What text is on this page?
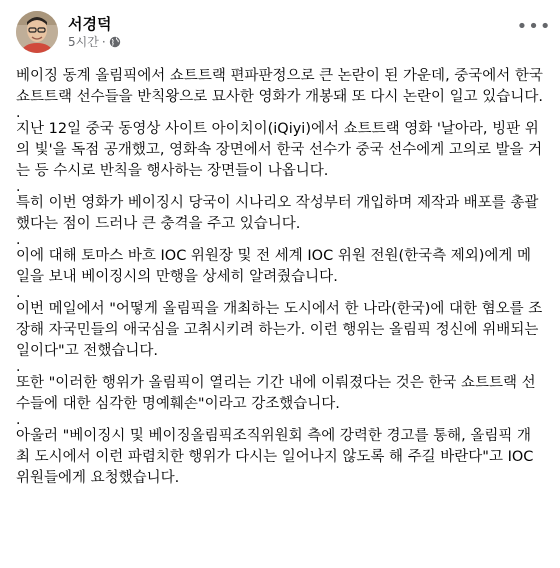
서경덕
5시간 ·
•••

베이징 동계 올림픽에서 쇼트트랙 편파판정으로 큰 논란이 된 가운데, 중국에서 한국 쇼트트랙 선수들을 반칙왕으로 묘사한 영화가 개봉돼 또 다시 논란이 일고 있습니다.

.

지난 12일 중국 동영상 사이트 아이치이(iQiyi)에서 쇼트트랙 영화 '날아라, 빙판 위의 빛'을 독점 공개했고, 영화속 장면에서 한국 선수가 중국 선수에게 고의로 발을 거는 등 수시로 반칙을 행사하는 장면들이 나옵니다.

.

특히 이번 영화가 베이징시 당국이 시나리오 작성부터 개입하며 제작과 배포를 총괄했다는 점이 드러나 큰 충격을 주고 있습니다.

.

이에 대해 토마스 바흐 IOC 위원장 및 전 세계 IOC 위원 전원(한국측 제외)에게 메일을 보내 베이징시의 만행을 상세히 알려줬습니다.

.

이번 메일에서 "어떻게 올림픽을 개최하는 도시에서 한 나라(한국)에 대한 혐오를 조장해 자국민들의 애국심을 고취시키려 하는가. 이런 행위는 올림픽 정신에 위배되는 일이다"고 전했습니다.

.

또한 "이러한 행위가 올림픽이 열리는 기간 내에 이뤄졌다는 것은 한국 쇼트트랙 선수들에 대한 심각한 명예훼손"이라고 강조했습니다.

.

아울러 "베이징시 및 베이징올림픽조직위원회 측에 강력한 경고를 통해, 올림픽 개최 도시에서 이런 파렴치한 행위가 다시는 일어나지 않도록 해 주길 바란다"고 IOC 위원들에게 요청했습니다.
